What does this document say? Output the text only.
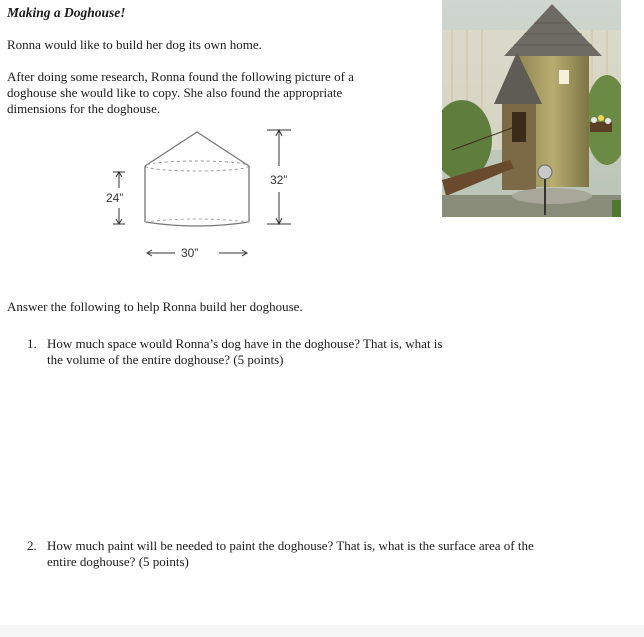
Making a Doghouse!
Ronna would like to build her dog its own home.
After doing some research, Ronna found the following picture of a
doghouse she would like to copy. She also found the appropriate
dimensions for the doghouse.
24”
32”
30”
Answer the following to help Ronna build her doghouse.
1. How much space would Ronna’s dog have in the doghouse? That is, what is
the volume of the entire doghouse? (5 points)
2. How much paint will be needed to paint the doghouse? That is, what is the surface area of the
entire doghouse? (5 points)
